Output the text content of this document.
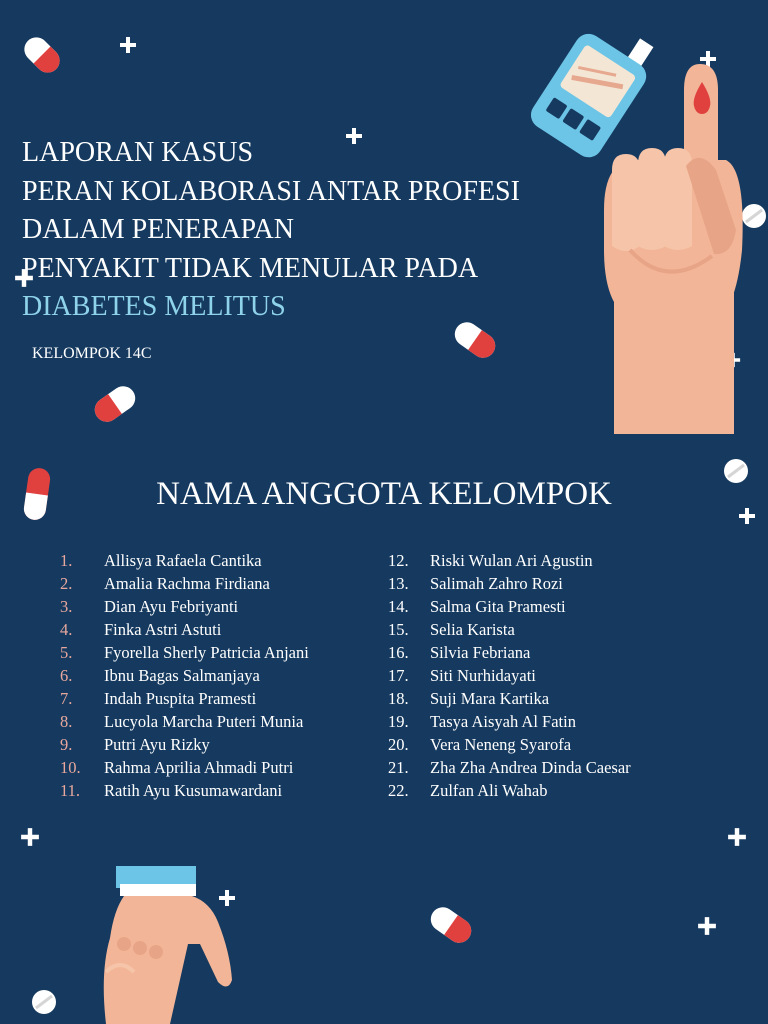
LAPORAN KASUS
PERAN KOLABORASI ANTAR PROFESI
DALAM PENERAPAN
PENYAKIT TIDAK MENULAR PADA
DIABETES MELITUS
KELOMPOK 14C
NAMA ANGGOTA KELOMPOK
1.	Allisya Rafaela Cantika
2.	Amalia Rachma Firdiana
3.	Dian Ayu Febriyanti
4.	Finka Astri Astuti
5.	Fyorella Sherly Patricia Anjani
6.	Ibnu Bagas Salmanjaya
7.	Indah Puspita Pramesti
8.	Lucyola Marcha Puteri Munia
9.	Putri Ayu Rizky
10.	Rahma Aprilia Ahmadi Putri
11.	Ratih Ayu Kusumawardani
12.	Riski Wulan Ari Agustin
13.	Salimah Zahro Rozi
14.	Salma Gita Pramesti
15.	Selia Karista
16.	Silvia Febriana
17.	Siti Nurhidayati
18.	Suji Mara Kartika
19.	Tasya Aisyah Al Fatin
20.	Vera Neneng Syarofa
21.	Zha Zha Andrea Dinda Caesar
22.	Zulfan Ali Wahab
